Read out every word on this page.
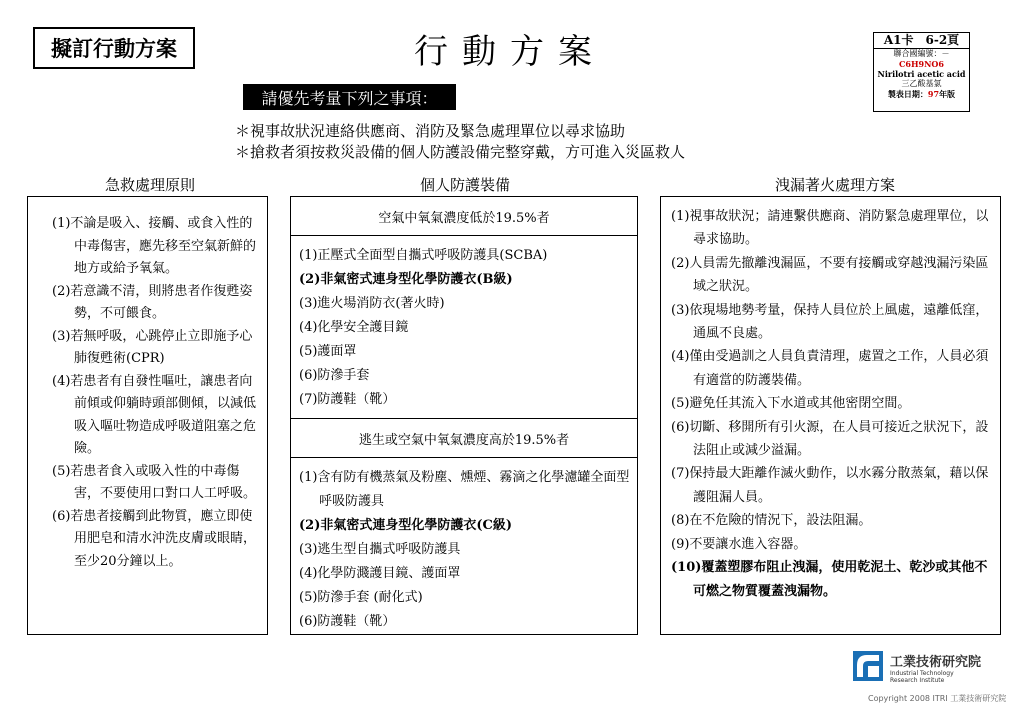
擬訂行動方案	行動方案	A1卡　6-2頁
聯合國編號：－
C6H9NO6
Nirilotri acetic acid
三乙酸基氯
製表日期：97年版
請優先考量下列之事項：
＊視事故狀況連絡供應商、消防及緊急處理單位以尋求協助
＊搶救者須按救災設備的個人防護設備完整穿戴，方可進入災區救人
急救處理原則	個人防護裝備	洩漏著火處理方案
(1)不論是吸入、接觸、或食入性的中毒傷害，應先移至空氣新鮮的地方或給予氧氣。
(2)若意識不清，則將患者作復甦姿勢，不可餵食。
(3)若無呼吸，心跳停止立即施予心肺復甦術(CPR)
(4)若患者有自發性嘔吐，讓患者向前傾或仰躺時頭部側傾，以減低吸入嘔吐物造成呼吸道阻塞之危險。
(5)若患者食入或吸入性的中毒傷害，不要使用口對口人工呼吸。
(6)若患者接觸到此物質，應立即使用肥皂和清水沖洗皮膚或眼睛，至少20分鐘以上。
空氣中氧氣濃度低於19.5%者
(1)正壓式全面型自攜式呼吸防護具(SCBA)
(2)非氣密式連身型化學防護衣(B級)
(3)進火場消防衣(著火時)
(4)化學安全護目鏡
(5)護面罩
(6)防滲手套
(7)防護鞋（靴）
逃生或空氣中氧氣濃度高於19.5%者
(1)含有防有機蒸氣及粉塵、燻煙、霧滴之化學濾罐全面型呼吸防護具
(2)非氣密式連身型化學防護衣(C級)
(3)逃生型自攜式呼吸防護具
(4)化學防濺護目鏡、護面罩
(5)防滲手套 (耐化式)
(6)防護鞋（靴）
(1)視事故狀況；請連繫供應商、消防緊急處理單位，以尋求協助。
(2)人員需先撤離洩漏區，不要有接觸或穿越洩漏污染區域之狀況。
(3)依現場地勢考量，保持人員位於上風處，遠離低窪，通風不良處。
(4)僅由受過訓之人員負責清理，處置之工作，人員必須有適當的防護裝備。
(5)避免任其流入下水道或其他密閉空間。
(6)切斷、移開所有引火源，在人員可接近之狀況下，設法阻止或減少溢漏。
(7)保持最大距離作滅火動作，以水霧分散蒸氣，藉以保護阻漏人員。
(8)在不危險的情況下，設法阻漏。
(9)不要讓水進入容器。
(10)覆蓋塑膠布阻止洩漏，使用乾泥土、乾沙或其他不可燃之物質覆蓋洩漏物。
工業技術研究院
Industrial Technology
Research Institute
Copyright 2008 ITRI 工業技術研究院
